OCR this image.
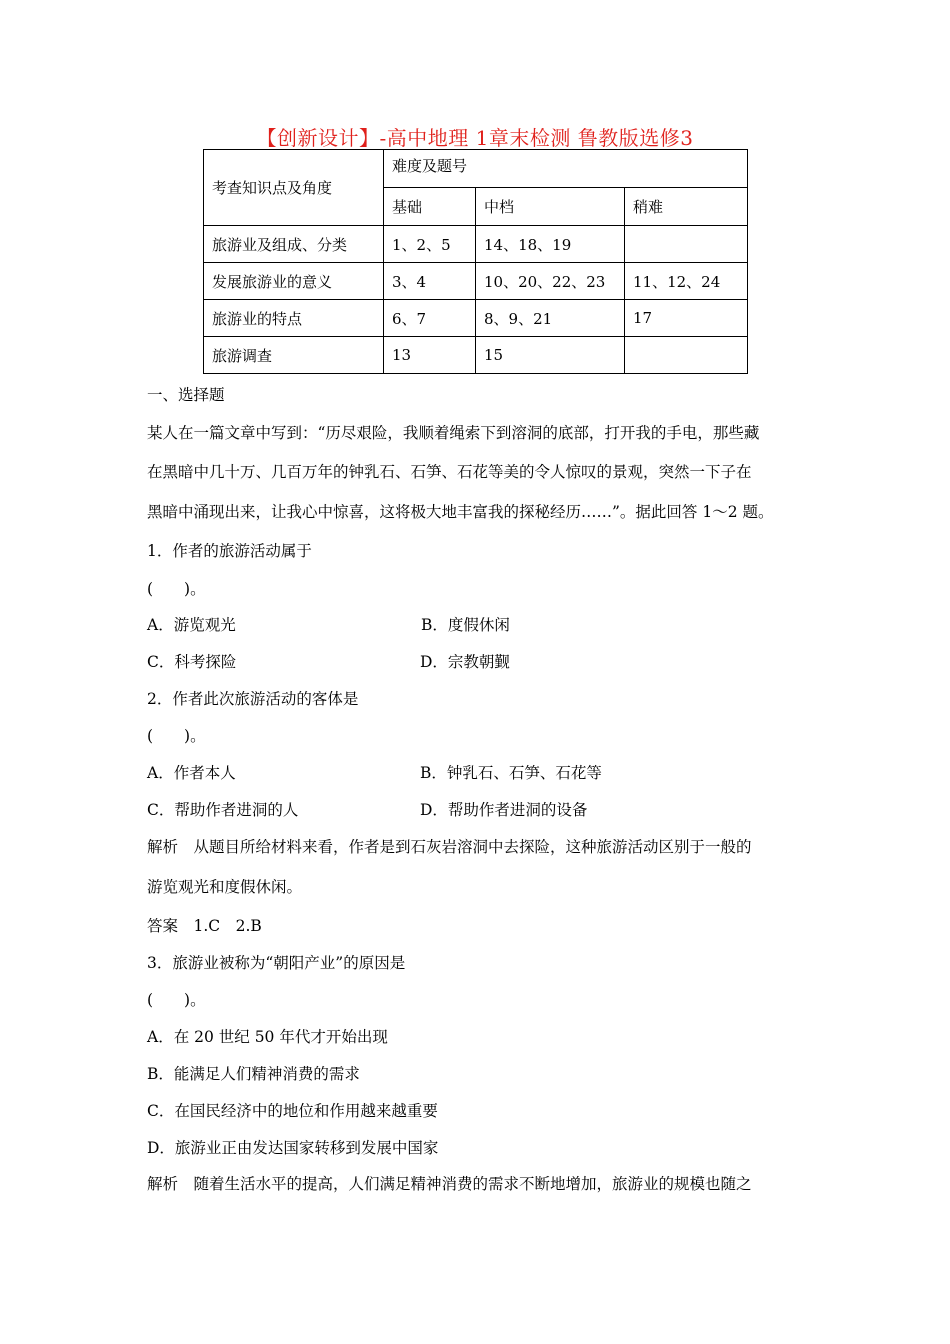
【创新设计】-高中地理 1章末检测 鲁教版选修3
考查知识点及角度	难度及题号		
	基础	中档	稍难
旅游业及组成、分类	1、2、5	14、18、19	
发展旅游业的意义	3、4	10、20、22、23	11、12、24
旅游业的特点	6、7	8、9、21	17
旅游调查	13	15	
一、选择题
某人在一篇文章中写到：“历尽艰险，我顺着绳索下到溶洞的底部，打开我的手电，那些藏
在黑暗中几十万、几百万年的钟乳石、石笋、石花等美的令人惊叹的景观，突然一下子在
黑暗中涌现出来，让我心中惊喜，这将极大地丰富我的探秘经历……”。据此回答 1～2 题。
1．作者的旅游活动属于
(　　)。
A．游览观光	B．度假休闲
C．科考探险	D．宗教朝觐
2．作者此次旅游活动的客体是
(　　)。
A．作者本人	B．钟乳石、石笋、石花等
C．帮助作者进洞的人	D．帮助作者进洞的设备
解析　从题目所给材料来看，作者是到石灰岩溶洞中去探险，这种旅游活动区别于一般的
游览观光和度假休闲。
答案　1.C　2.B
3．旅游业被称为“朝阳产业”的原因是
(　　)。
A．在 20 世纪 50 年代才开始出现
B．能满足人们精神消费的需求
C．在国民经济中的地位和作用越来越重要
D．旅游业正由发达国家转移到发展中国家
解析　随着生活水平的提高，人们满足精神消费的需求不断地增加，旅游业的规模也随之
